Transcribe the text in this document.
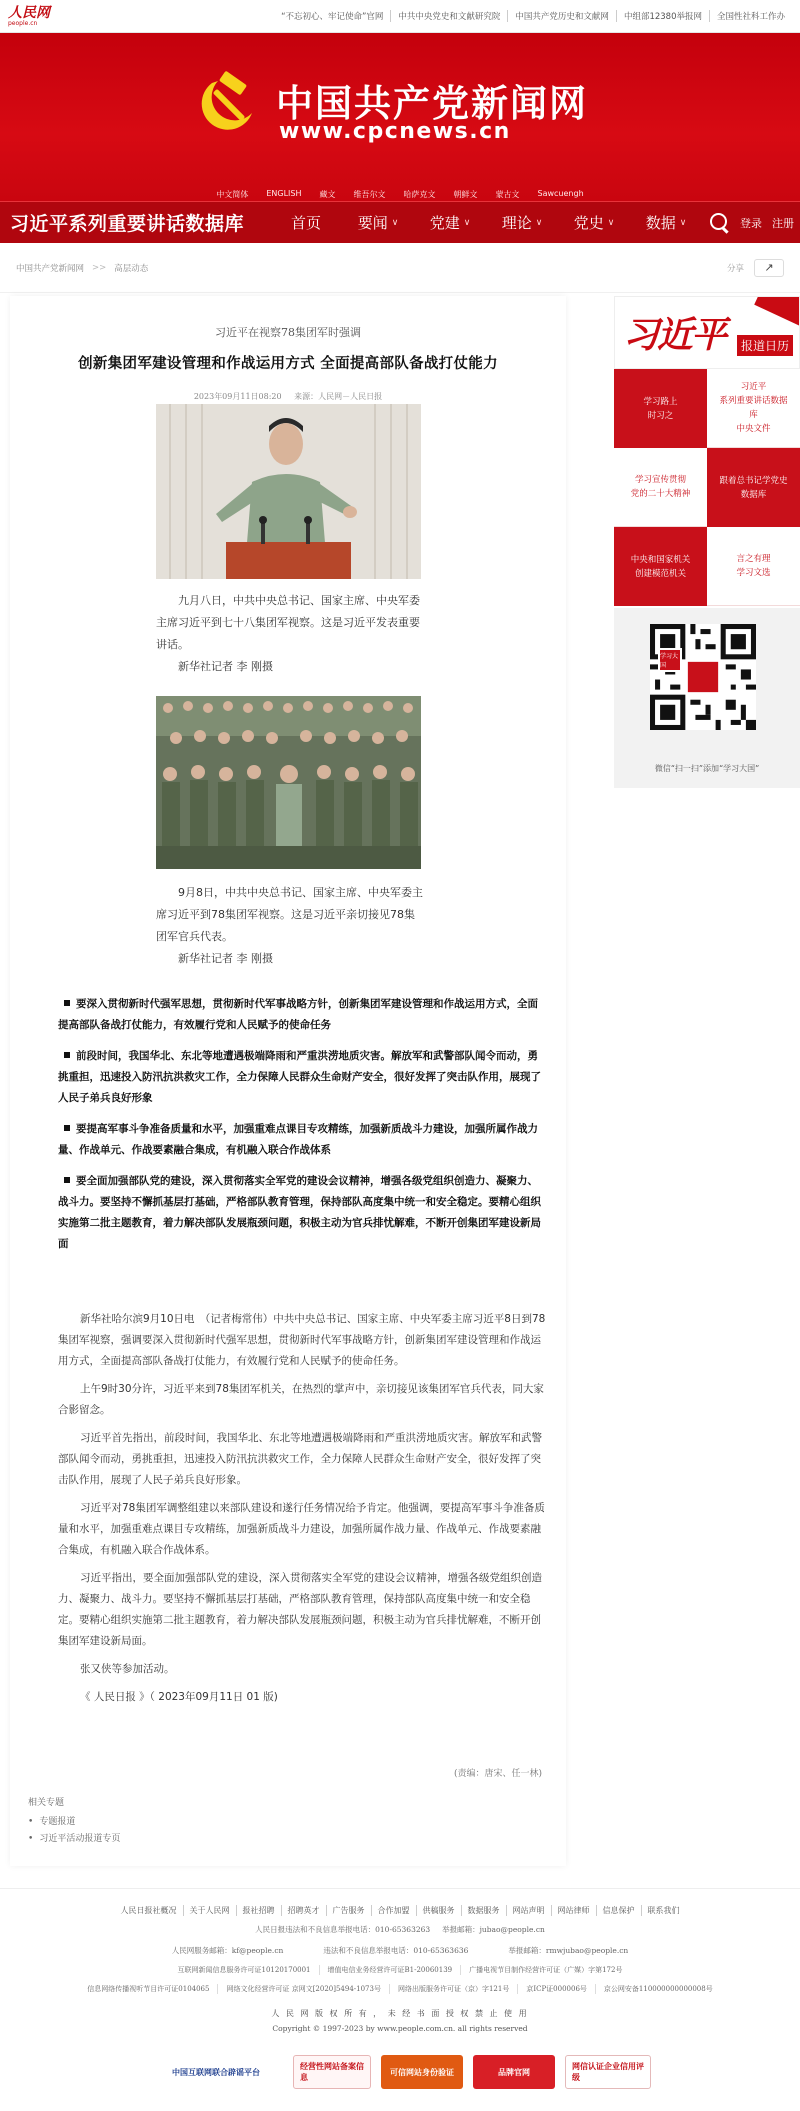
人民网
people.cn
“不忘初心、牢记使命”官网	中共中央党史和文献研究院	中国共产党历史和文献网	中组部12380举报网	全国性社科工作办
中国共产党新闻网
www.cpcnews.cn
中文简体 ENGLISH 藏文 维吾尔文 哈萨克文 朝鲜文 蒙古文 Sawcuengh
习近平系列重要讲话数据库	首页 要闻 ∨ 党建 ∨ 理论 ∨ 党史 ∨ 数据 ∨	登录 注册
中国共产党新闻网 >> 高层动态	分享	↗
习近平在视察78集团军时强调
创新集团军建设管理和作战运用方式 全面提高部队备战打仗能力
2023年09月11日08:20 来源：人民网－人民日报

九月八日，中共中央总书记、国家主席、中央军委主席习近平到七十八集团军视察。这是习近平发表重要讲话。

新华社记者 李 刚摄

9月8日，中共中央总书记、国家主席、中央军委主席习近平到78集团军视察。这是习近平亲切接见78集团军官兵代表。

新华社记者 李 刚摄

要深入贯彻新时代强军思想，贯彻新时代军事战略方针，创新集团军建设管理和作战运用方式，全面提高部队备战打仗能力，有效履行党和人民赋予的使命任务

前段时间，我国华北、东北等地遭遇极端降雨和严重洪涝地质灾害。解放军和武警部队闻令而动，勇挑重担，迅速投入防汛抗洪救灾工作，全力保障人民群众生命财产安全，很好发挥了突击队作用，展现了人民子弟兵良好形象

要提高军事斗争准备质量和水平，加强重难点课目专攻精练，加强新质战斗力建设，加强所属作战力量、作战单元、作战要素融合集成，有机融入联合作战体系

要全面加强部队党的建设，深入贯彻落实全军党的建设会议精神，增强各级党组织创造力、凝聚力、战斗力。要坚持不懈抓基层打基础，严格部队教育管理，保持部队高度集中统一和安全稳定。要精心组织实施第二批主题教育，着力解决部队发展瓶颈问题，积极主动为官兵排忧解难，不断开创集团军建设新局面

新华社哈尔滨9月10日电　（记者梅常伟）中共中央总书记、国家主席、中央军委主席习近平8日到78集团军视察，强调要深入贯彻新时代强军思想，贯彻新时代军事战略方针，创新集团军建设管理和作战运用方式，全面提高部队备战打仗能力，有效履行党和人民赋予的使命任务。

上午9时30分许，习近平来到78集团军机关，在热烈的掌声中，亲切接见该集团军官兵代表，同大家合影留念。

习近平首先指出，前段时间，我国华北、东北等地遭遇极端降雨和严重洪涝地质灾害。解放军和武警部队闻令而动，勇挑重担，迅速投入防汛抗洪救灾工作，全力保障人民群众生命财产安全，很好发挥了突击队作用，展现了人民子弟兵良好形象。

习近平对78集团军调整组建以来部队建设和遂行任务情况给予肯定。他强调，要提高军事斗争准备质量和水平，加强重难点课目专攻精练，加强新质战斗力建设，加强所属作战力量、作战单元、作战要素融合集成，有机融入联合作战体系。

习近平指出，要全面加强部队党的建设，深入贯彻落实全军党的建设会议精神，增强各级党组织创造力、凝聚力、战斗力。要坚持不懈抓基层打基础，严格部队教育管理，保持部队高度集中统一和安全稳定。要精心组织实施第二批主题教育，着力解决部队发展瓶颈问题，积极主动为官兵排忧解难，不断开创集团军建设新局面。

张又侠等参加活动。

《 人民日报 》（ 2023年09月11日 01 版)

(责编：唐宋、任一林)
相关专题
• 专题报道
• 习近平活动报道专页
习近平	报道日历
学习路上
时习之
习近平
系列重要讲话数据库
中央文件
学习宣传贯彻
党的二十大精神
跟着总书记学党史
数据库
中央和国家机关
创建模范机关
言之有理
学习文选
学习大国
微信“扫一扫”添加“学习大国”
人民日报社概况	关于人民网	报社招聘	招聘英才	广告服务	合作加盟	供稿服务	数据服务	网站声明	网站律师	信息保护	联系我们
人民日报违法和不良信息举报电话：010-65363263 举报邮箱：jubao@people.cn
人民网服务邮箱：kf@people.cn	违法和不良信息举报电话：010-65363636	举报邮箱：rmwjubao@people.cn
互联网新闻信息服务许可证10120170001	增值电信业务经营许可证B1-20060139	广播电视节目制作经营许可证（广媒）字第172号
信息网络传播视听节目许可证0104065	网络文化经营许可证 京网文[2020]5494-1073号	网络出版服务许可证（京）字121号	京ICP证000006号	京公网安备110000000000008号
人 民 网 版 权 所 有 ， 未 经 书 面 授 权 禁 止 使 用
Copyright © 1997-2023 by www.people.com.cn. all rights reserved
中国互联网联合辟谣平台
经营性网站备案信息
可信网站身份验证	品牌官网
网信认证企业信用评级
